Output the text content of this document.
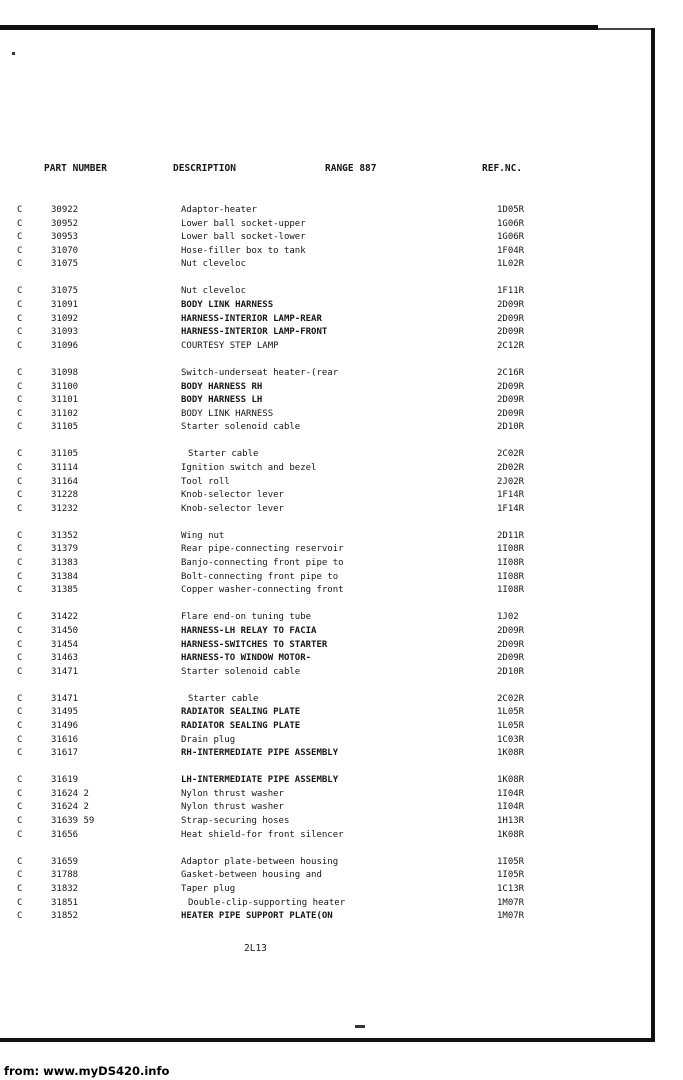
PART NUMBER	DESCRIPTION	RANGE 887	REF.NC.
C	30922	Adaptor-heater	1D05R
C	30952	Lower ball socket-upper	1G06R
C	30953	Lower ball socket-lower	1G06R
C	31070	Hose-filler box to tank	1F04R
C	31075	Nut cleveloc	1L02R
C	31075	Nut cleveloc	1F11R
C	31091	BODY LINK HARNESS	2D09R
C	31092	HARNESS-INTERIOR LAMP-REAR	2D09R
C	31093	HARNESS-INTERIOR LAMP-FRONT	2D09R
C	31096	COURTESY STEP LAMP	2C12R
C	31098	Switch-underseat heater-(rear	2C16R
C	31100	BODY HARNESS RH	2D09R
C	31101	BODY HARNESS LH	2D09R
C	31102	BODY LINK HARNESS	2D09R
C	31105	Starter solenoid cable	2D10R
C	31105	Starter cable	2C02R
C	31114	Ignition switch and bezel	2D02R
C	31164	Tool roll	2J02R
C	31228	Knob-selector lever	1F14R
C	31232	Knob-selector lever	1F14R
C	31352	Wing nut	2D11R
C	31379	Rear pipe-connecting reservoir	1I08R
C	31383	Banjo-connecting front pipe to	1I08R
C	31384	Bolt-connecting front pipe to	1I08R
C	31385	Copper washer-connecting front	1I08R
C	31422	Flare end-on tuning tube	1J02
C	31450	HARNESS-LH RELAY TO FACIA	2D09R
C	31454	HARNESS-SWITCHES TO STARTER	2D09R
C	31463	HARNESS-TO WINDOW MOTOR-	2D09R
C	31471	Starter solenoid cable	2D10R
C	31471	Starter cable	2C02R
C	31495	RADIATOR SEALING PLATE	1L05R
C	31496	RADIATOR SEALING PLATE	1L05R
C	31616	Drain plug	1C03R
C	31617	RH-INTERMEDIATE PIPE ASSEMBLY	1K08R
C	31619	LH-INTERMEDIATE PIPE ASSEMBLY	1K08R
C	31624 2	Nylon thrust washer	1I04R
C	31624 2	Nylon thrust washer	1I04R
C	31639 59	Strap-securing hoses	1H13R
C	31656	Heat shield-for front silencer	1K08R
C	31659	Adaptor plate-between housing	1I05R
C	31788	Gasket-between housing and	1I05R
C	31832	Taper plug	1C13R
C	31851	Double-clip-supporting heater	1M07R
C	31852	HEATER PIPE SUPPORT PLATE(ON	1M07R
2L13
from: www.myDS420.info
